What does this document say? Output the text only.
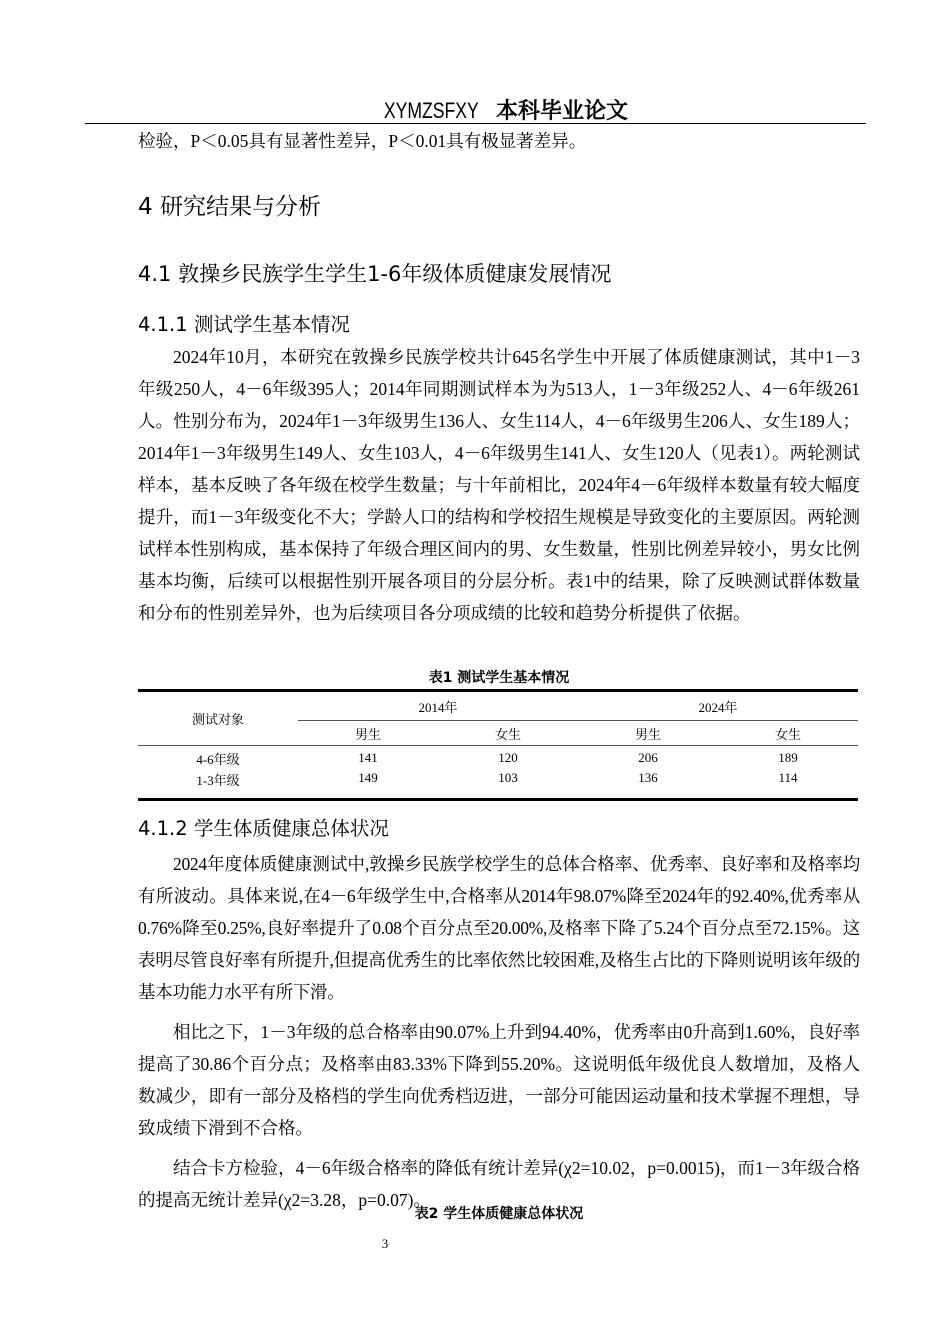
XYMZSFXY 本科毕业论文

检验，P＜0.05具有显著性差异，P＜0.01具有极显著差异。

4 研究结果与分析
4.1 敦操乡民族学生学生1-6年级体质健康发展情况
4.1.1 测试学生基本情况

2024年10月，本研究在敦操乡民族学校共计645名学生中开展了体质健康测试，其中1－3年级250人，4－6年级395人；2014年同期测试样本为为513人，1－3年级252人、4－6年级261人。性别分布为，2024年1－3年级男生136人、女生114人，4－6年级男生206人、女生189人；2014年1－3年级男生149人、女生103人，4－6年级男生141人、女生120人（见表1）。两轮测试样本，基本反映了各年级在校学生数量；与十年前相比，2024年4－6年级样本数量有较大幅度提升，而1－3年级变化不大；学龄人口的结构和学校招生规模是导致变化的主要原因。两轮测试样本性别构成，基本保持了年级合理区间内的男、女生数量，性别比例差异较小，男女比例基本均衡，后续可以根据性别开展各项目的分层分析。表1中的结果，除了反映测试群体数量和分布的性别差异外，也为后续项目各分项成绩的比较和趋势分析提供了依据。

表1 测试学生基本情况
测试对象	2014年		2024年	
	男生	女生	男生	女生
4-6年级	141	120	206	189
1-3年级	149	103	136	114
4.1.2 学生体质健康总体状况

2024年度体质健康测试中,敦操乡民族学校学生的总体合格率、优秀率、良好率和及格率均有所波动。具体来说,在4－6年级学生中,合格率从2014年98.07%降至2024年的92.40%,优秀率从0.76%降至0.25%,良好率提升了0.08个百分点至20.00%,及格率下降了5.24个百分点至72.15%。这表明尽管良好率有所提升,但提高优秀生的比率依然比较困难,及格生占比的下降则说明该年级的基本功能力水平有所下滑。

相比之下，1－3年级的总合格率由90.07%上升到94.40%，优秀率由0升高到1.60%，良好率提高了30.86个百分点；及格率由83.33%下降到55.20%。这说明低年级优良人数增加，及格人数减少，即有一部分及格档的学生向优秀档迈进，一部分可能因运动量和技术掌握不理想，导致成绩下滑到不合格。

结合卡方检验，4－6年级合格率的降低有统计差异(χ2=10.02，p=0.0015)，而1－3年级合格的提高无统计差异(χ2=3.28，p=0.07)。

表2 学生体质健康总体状况
3
